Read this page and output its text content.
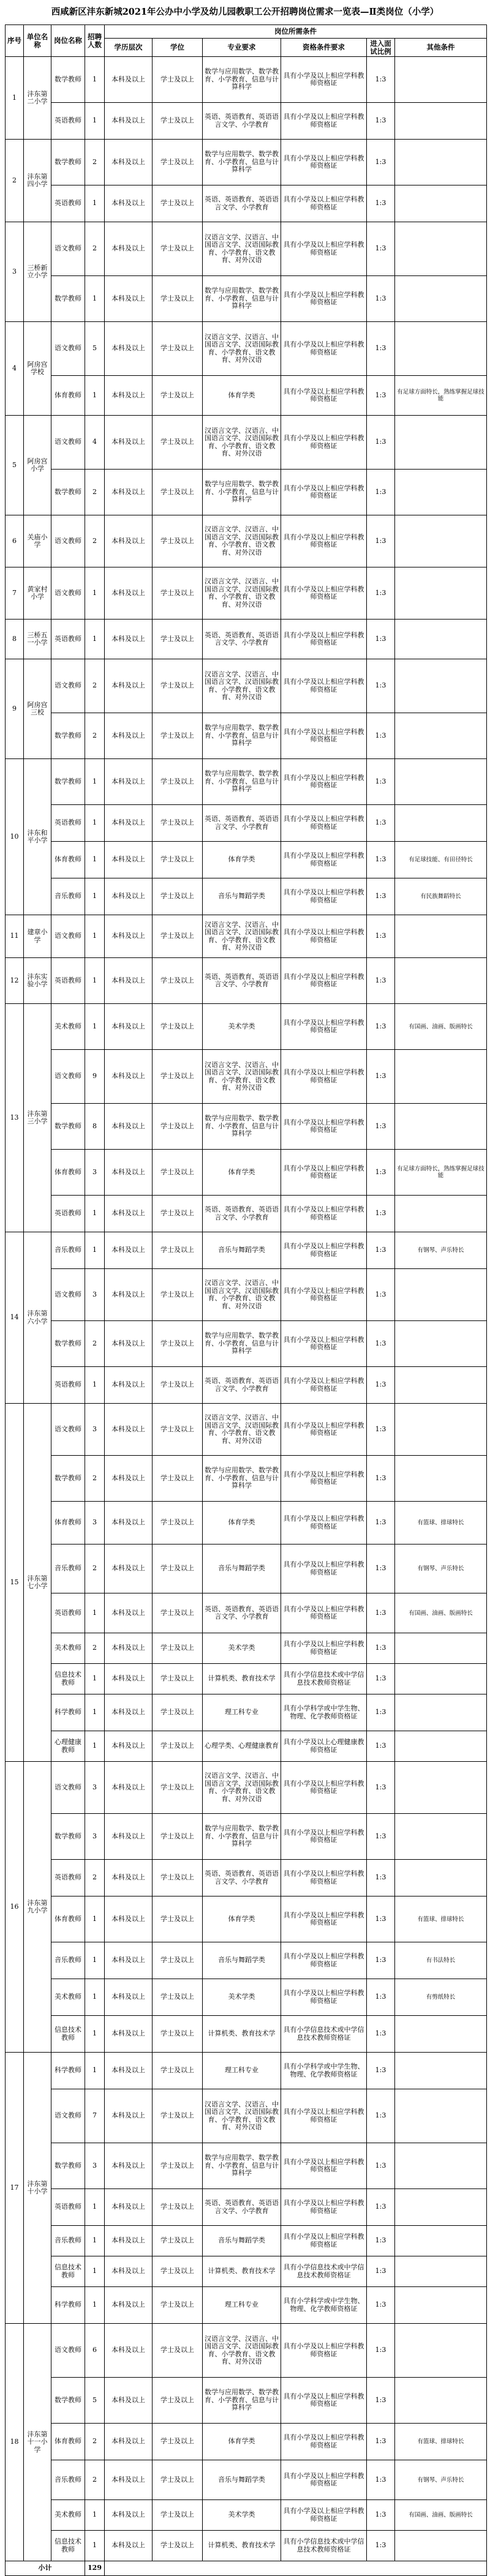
西咸新区沣东新城2021年公办中小学及幼儿园教职工公开招聘岗位需求一览表—Ⅱ类岗位（小学）
序号	单位名称	岗位名称	招聘人数	岗位所需条件					
				学历层次	学位	专业要求	资格条件要求	进入面试比例	其他条件
1	沣东第二小学	数学教师	1	本科及以上	学士及以上	数学与应用数学、数学教育、小学教育、信息与计算科学	具有小学及以上相应学科教师资格证	1:3	
		英语教师	1	本科及以上	学士及以上	英语、英语教育、英语语言文学、小学教育	具有小学及以上相应学科教师资格证	1:3	
2	沣东第四小学	数学教师	2	本科及以上	学士及以上	数学与应用数学、数学教育、小学教育、信息与计算科学	具有小学及以上相应学科教师资格证	1:3	
		英语教师	1	本科及以上	学士及以上	英语、英语教育、英语语言文学、小学教育	具有小学及以上相应学科教师资格证	1:3	
3	三桥新立小学	语文教师	2	本科及以上	学士及以上	汉语言文学、汉语言、中国语言文学、汉语国际教育、小学教育、语文教育、对外汉语	具有小学及以上相应学科教师资格证	1:3	
		数学教师	1	本科及以上	学士及以上	数学与应用数学、数学教育、小学教育、信息与计算科学	具有小学及以上相应学科教师资格证	1:3	
4	阿房宫学校	语文教师	5	本科及以上	学士及以上	汉语言文学、汉语言、中国语言文学、汉语国际教育、小学教育、语文教育、对外汉语	具有小学及以上相应学科教师资格证	1:3	
		体育教师	1	本科及以上	学士及以上	体育学类	具有小学及以上相应学科教师资格证	1:3	有足球方面特长，熟练掌握足球技能
5	阿房宫小学	语文教师	4	本科及以上	学士及以上	汉语言文学、汉语言、中国语言文学、汉语国际教育、小学教育、语文教育、对外汉语	具有小学及以上相应学科教师资格证	1:3	
		数学教师	2	本科及以上	学士及以上	数学与应用数学、数学教育、小学教育、信息与计算科学	具有小学及以上相应学科教师资格证	1:3	
6	关庙小学	语文教师	2	本科及以上	学士及以上	汉语言文学、汉语言、中国语言文学、汉语国际教育、小学教育、语文教育、对外汉语	具有小学及以上相应学科教师资格证	1:3	
7	黄家村小学	语文教师	1	本科及以上	学士及以上	汉语言文学、汉语言、中国语言文学、汉语国际教育、小学教育、语文教育、对外汉语	具有小学及以上相应学科教师资格证	1:3	
8	三桥五一小学	英语教师	1	本科及以上	学士及以上	英语、英语教育、英语语言文学、小学教育	具有小学及以上相应学科教师资格证	1:3	
9	阿房宫三校	语文教师	2	本科及以上	学士及以上	汉语言文学、汉语言、中国语言文学、汉语国际教育、小学教育、语文教育、对外汉语	具有小学及以上相应学科教师资格证	1:3	
		数学教师	2	本科及以上	学士及以上	数学与应用数学、数学教育、小学教育、信息与计算科学	具有小学及以上相应学科教师资格证	1:3	
10	沣东和平小学	数学教师	1	本科及以上	学士及以上	数学与应用数学、数学教育、小学教育、信息与计算科学	具有小学及以上相应学科教师资格证	1:3	
		英语教师	1	本科及以上	学士及以上	英语、英语教育、英语语言文学、小学教育	具有小学及以上相应学科教师资格证	1:3	
		体育教师	1	本科及以上	学士及以上	体育学类	具有小学及以上相应学科教师资格证	1:3	有足球技能、有田径特长
		音乐教师	1	本科及以上	学士及以上	音乐与舞蹈学类	具有小学及以上相应学科教师资格证	1:3	有民族舞蹈特长
11	建章小学	语文教师	1	本科及以上	学士及以上	汉语言文学、汉语言、中国语言文学、汉语国际教育、小学教育、语文教育、对外汉语	具有小学及以上相应学科教师资格证	1:3	
12	沣东实验小学	英语教师	1	本科及以上	学士及以上	英语、英语教育、英语语言文学、小学教育	具有小学及以上相应学科教师资格证	1:3	
13	沣东第三小学	美术教师	1	本科及以上	学士及以上	美术学类	具有小学及以上相应学科教师资格证	1:3	有国画、油画、版画特长
		语文教师	9	本科及以上	学士及以上	汉语言文学、汉语言、中国语言文学、汉语国际教育、小学教育、语文教育、对外汉语	具有小学及以上相应学科教师资格证	1:3	
		数学教师	8	本科及以上	学士及以上	数学与应用数学、数学教育、小学教育、信息与计算科学	具有小学及以上相应学科教师资格证	1:3	
		体育教师	3	本科及以上	学士及以上	体育学类	具有小学及以上相应学科教师资格证	1:3	有足球方面特长，熟练掌握足球技能
		英语教师	1	本科及以上	学士及以上	英语、英语教育、英语语言文学、小学教育	具有小学及以上相应学科教师资格证	1:3	
14	沣东第六小学	音乐教师	1	本科及以上	学士及以上	音乐与舞蹈学类	具有小学及以上相应学科教师资格证	1:3	有钢琴、声乐特长
		语文教师	3	本科及以上	学士及以上	汉语言文学、汉语言、中国语言文学、汉语国际教育、小学教育、语文教育、对外汉语	具有小学及以上相应学科教师资格证	1:3	
		数学教师	2	本科及以上	学士及以上	数学与应用数学、数学教育、小学教育、信息与计算科学	具有小学及以上相应学科教师资格证	1:3	
		英语教师	1	本科及以上	学士及以上	英语、英语教育、英语语言文学、小学教育	具有小学及以上相应学科教师资格证	1:3	
15	沣东第七小学	语文教师	3	本科及以上	学士及以上	汉语言文学、汉语言、中国语言文学、汉语国际教育、小学教育、语文教育、对外汉语	具有小学及以上相应学科教师资格证	1:3	
		数学教师	2	本科及以上	学士及以上	数学与应用数学、数学教育、小学教育、信息与计算科学	具有小学及以上相应学科教师资格证	1:3	
		体育教师	3	本科及以上	学士及以上	体育学类	具有小学及以上相应学科教师资格证	1:3	有篮球、排球特长
		音乐教师	2	本科及以上	学士及以上	音乐与舞蹈学类	具有小学及以上相应学科教师资格证	1:3	有钢琴、声乐特长
		英语教师	1	本科及以上	学士及以上	英语、英语教育、英语语言文学、小学教育	具有小学及以上相应学科教师资格证	1:3	有国画、油画、版画特长
		美术教师	2	本科及以上	学士及以上	美术学类	具有小学及以上相应学科教师资格证	1:3	
		信息技术教师	1	本科及以上	学士及以上	计算机类、教育技术学	具有小学信息技术或中学信息技术教师资格证	1:3	
		科学教师	1	本科及以上	学士及以上	理工科专业	具有小学科学或中学生物、物理、化学教师资格证	1:3	
		心理健康教师	1	本科及以上	学士及以上	心理学类、心理健康教育	具有小学及以上心理健康教师资格证	1:3	
16	沣东第九小学	语文教师	3	本科及以上	学士及以上	汉语言文学、汉语言、中国语言文学、汉语国际教育、小学教育、语文教育、对外汉语	具有小学及以上相应学科教师资格证	1:3	
		数学教师	3	本科及以上	学士及以上	数学与应用数学、数学教育、小学教育、信息与计算科学	具有小学及以上相应学科教师资格证	1:3	
		英语教师	2	本科及以上	学士及以上	英语、英语教育、英语语言文学、小学教育	具有小学及以上相应学科教师资格证	1:3	
		体育教师	1	本科及以上	学士及以上	体育学类	具有小学及以上相应学科教师资格证	1:3	有篮球、排球特长
		音乐教师	1	本科及以上	学士及以上	音乐与舞蹈学类	具有小学及以上相应学科教师资格证	1:3	有书法特长
		美术教师	1	本科及以上	学士及以上	美术学类	具有小学及以上相应学科教师资格证	1:3	有剪纸特长
		信息技术教师	1	本科及以上	学士及以上	计算机类、教育技术学	具有小学信息技术或中学信息技术教师资格证	1:3	
17	沣东第十小学	科学教师	1	本科及以上	学士及以上	理工科专业	具有小学科学或中学生物、物理、化学教师资格证	1:3	
		语文教师	7	本科及以上	学士及以上	汉语言文学、汉语言、中国语言文学、汉语国际教育、小学教育、语文教育、对外汉语	具有小学及以上相应学科教师资格证	1:3	
		数学教师	3	本科及以上	学士及以上	数学与应用数学、数学教育、小学教育、信息与计算科学	具有小学及以上相应学科教师资格证	1:3	
		英语教师	1	本科及以上	学士及以上	英语、英语教育、英语语言文学、小学教育	具有小学及以上相应学科教师资格证	1:3	
		音乐教师	1	本科及以上	学士及以上	音乐与舞蹈学类	具有小学及以上相应学科教师资格证	1:3	
		信息技术教师	1	本科及以上	学士及以上	计算机类、教育技术学	具有小学信息技术或中学信息技术教师资格证	1:3	
		科学教师	1	本科及以上	学士及以上	理工科专业	具有小学科学或中学生物、物理、化学教师资格证	1:3	
18	沣东第十一小学	语文教师	6	本科及以上	学士及以上	汉语言文学、汉语言、中国语言文学、汉语国际教育、小学教育、语文教育、对外汉语	具有小学及以上相应学科教师资格证	1:3	
		数学教师	5	本科及以上	学士及以上	数学与应用数学、数学教育、小学教育、信息与计算科学	具有小学及以上相应学科教师资格证	1:3	
		体育教师	2	本科及以上	学士及以上	体育学类	具有小学及以上相应学科教师资格证	1:3	有篮球、排球特长
		音乐教师	2	本科及以上	学士及以上	音乐与舞蹈学类	具有小学及以上相应学科教师资格证	1:3	有钢琴、声乐特长
		美术教师	1	本科及以上	学士及以上	美术学类	具有小学及以上相应学科教师资格证	1:3	有国画、油画、版画特长
		信息技术教师	1	本科及以上	学士及以上	计算机类、教育技术学	具有小学信息技术或中学信息技术教师资格证	1:3	
小计			129						
